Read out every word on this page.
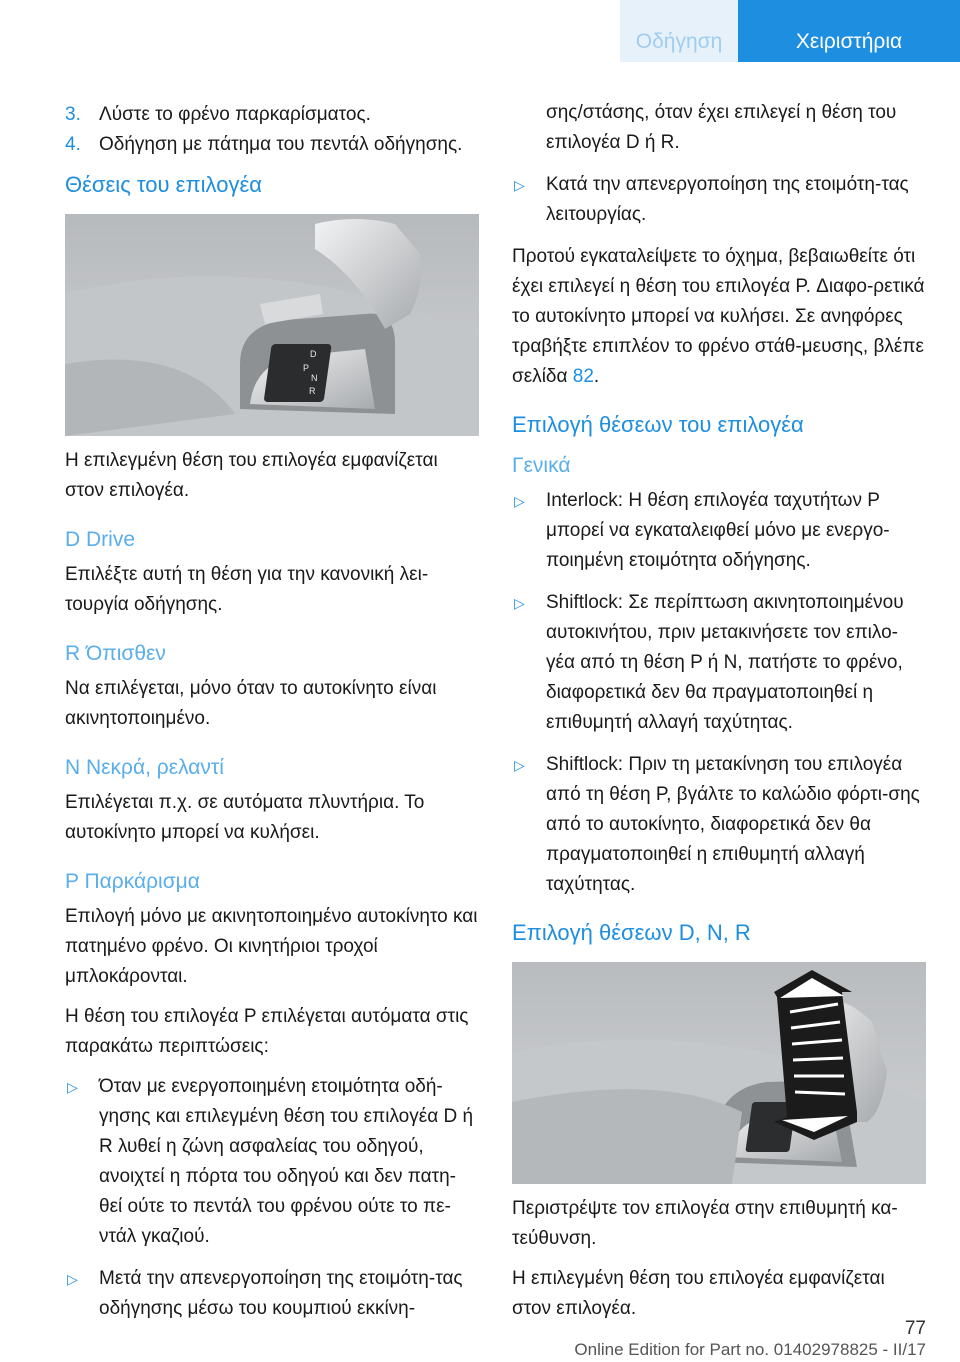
Οδήγηση	Χειριστήρια
3. Λύστε το φρένο παρκαρίσματος.
4. Οδήγηση με πάτημα του πεντάλ οδήγησης.
Θέσεις του επιλογέα
D
P
N
R

Η επιλεγμένη θέση του επιλογέα εμφανίζεται στον επιλογέα.

D Drive

Επιλέξτε αυτή τη θέση για την κανονική λει-τουργία οδήγησης.

R Όπισθεν

Να επιλέγεται, μόνο όταν το αυτοκίνητο είναι ακινητοποιημένο.

N Νεκρά, ρελαντί

Επιλέγεται π.χ. σε αυτόματα πλυντήρια. Το αυτοκίνητο μπορεί να κυλήσει.

P Παρκάρισμα

Επιλογή μόνο με ακινητοποιημένο αυτοκίνητο και πατημένο φρένο. Οι κινητήριοι τροχοί μπλοκάρονται.

Η θέση του επιλογέα P επιλέγεται αυτόματα στις παρακάτω περιπτώσεις:

▷ Όταν με ενεργοποιημένη ετοιμότητα οδή-γησης και επιλεγμένη θέση του επιλογέα D ή R λυθεί η ζώνη ασφαλείας του οδηγού, ανοιχτεί η πόρτα του οδηγού και δεν πατη-θεί ούτε το πεντάλ του φρένου ούτε το πε-ντάλ γκαζιού.
▷ Μετά την απενεργοποίηση της ετοιμότη-τας οδήγησης μέσω του κουμπιού εκκίνη-
σης/στάσης, όταν έχει επιλεγεί η θέση του επιλογέα D ή R.
▷ Κατά την απενεργοποίηση της ετοιμότη-τας λειτουργίας.

Προτού εγκαταλείψετε το όχημα, βεβαιωθείτε ότι έχει επιλεγεί η θέση του επιλογέα P. Διαφο-ρετικά το αυτοκίνητο μπορεί να κυλήσει. Σε ανηφόρες τραβήξτε επιπλέον το φρένο στάθ-μευσης, βλέπε σελίδα 82.

Επιλογή θέσεων του επιλογέα
Γενικά
▷ Interlock: Η θέση επιλογέα ταχυτήτων P μπορεί να εγκαταλειφθεί μόνο με ενεργο-ποιημένη ετοιμότητα οδήγησης.
▷ Shiftlock: Σε περίπτωση ακινητοποιημένου αυτοκινήτου, πριν μετακινήσετε τον επιλο-γέα από τη θέση P ή N, πατήστε το φρένο, διαφορετικά δεν θα πραγματοποιηθεί η επιθυμητή αλλαγή ταχύτητας.
▷ Shiftlock: Πριν τη μετακίνηση του επιλογέα από τη θέση P, βγάλτε το καλώδιο φόρτι-σης από το αυτοκίνητο, διαφορετικά δεν θα πραγματοποιηθεί η επιθυμητή αλλαγή ταχύτητας.
Επιλογή θέσεων D, N, R

Περιστρέψτε τον επιλογέα στην επιθυμητή κα-τεύθυνση.

Η επιλεγμένη θέση του επιλογέα εμφανίζεται στον επιλογέα.

77
Online Edition for Part no. 01402978825 - II/17
